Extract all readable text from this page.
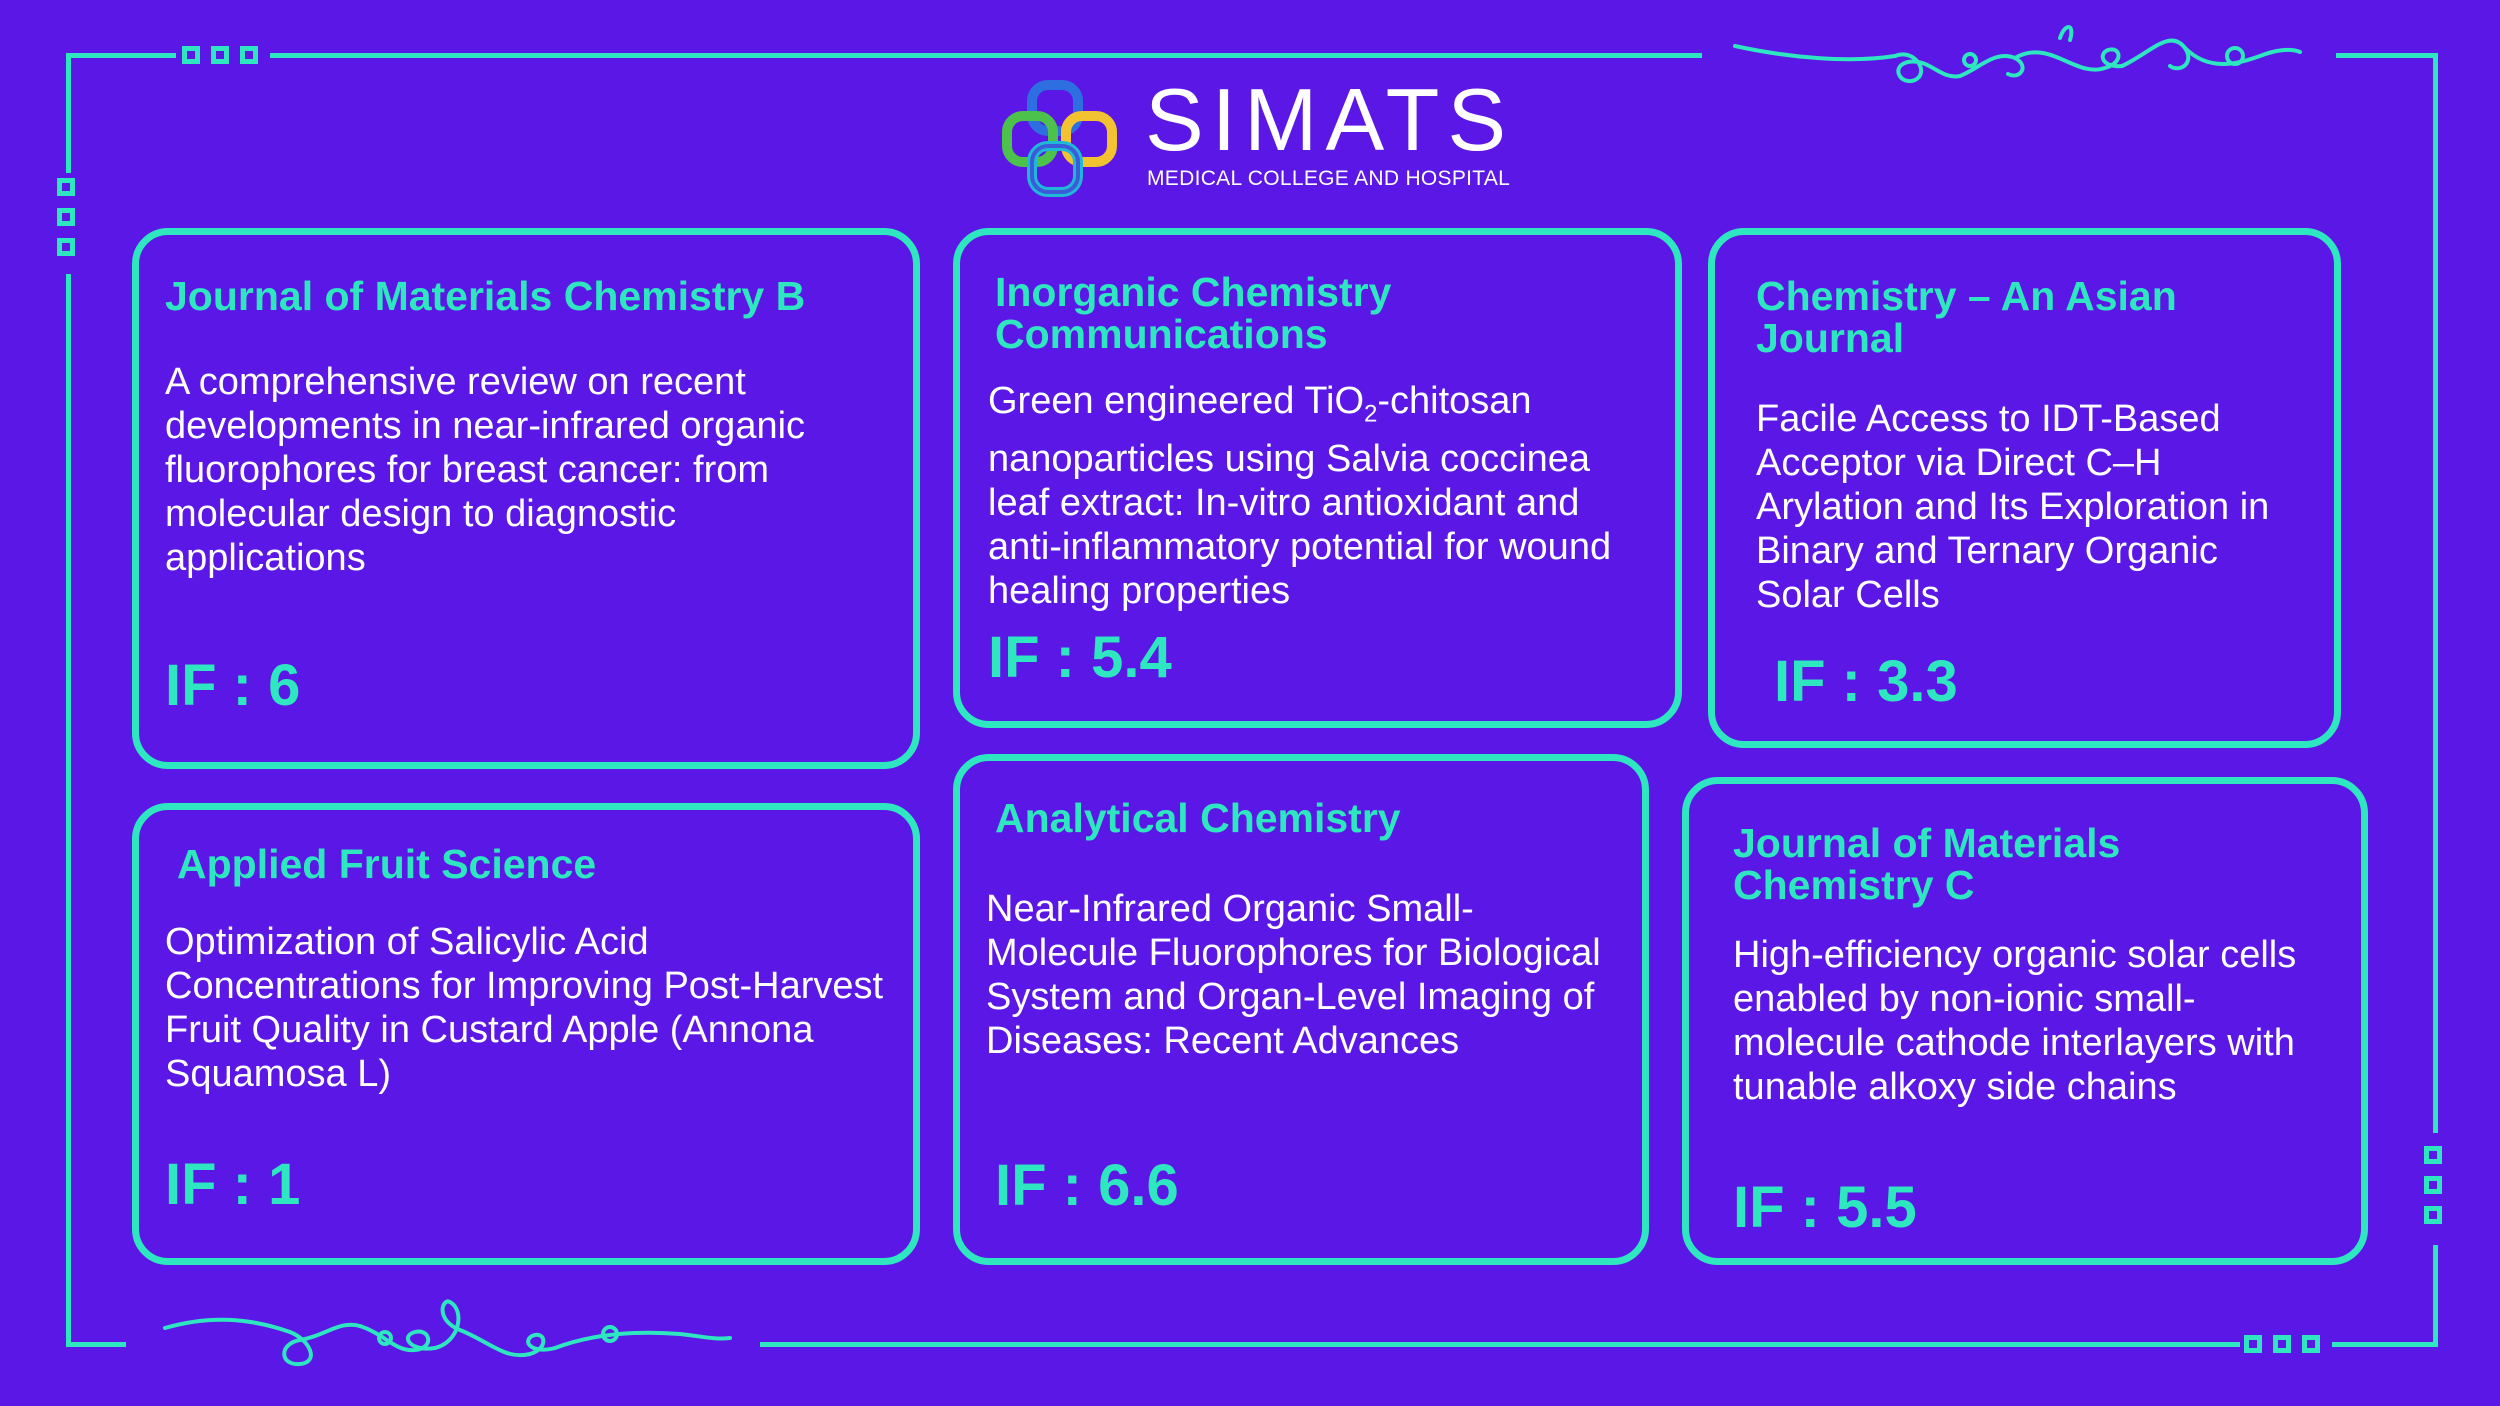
SIMATS
MEDICAL COLLEGE AND HOSPITAL
Journal of Materials Chemistry B
A comprehensive review on recent developments in near-infrared organic fluorophores for breast cancer: from molecular design to diagnostic applications
IF : 6
Inorganic Chemistry Communications
Green engineered TiO$_2$-chitosan nanoparticles using Salvia coccinea leaf extract: In-vitro antioxidant and anti-inflammatory potential for wound healing properties
IF : 5.4
Chemistry – An Asian Journal
Facile Access to IDT-Based Acceptor via Direct C–H Arylation and Its Exploration in Binary and Ternary Organic Solar Cells
IF : 3.3
Applied Fruit Science
Optimization of Salicylic Acid Concentrations for Improving Post-Harvest Fruit Quality in Custard Apple (Annona Squamosa L)
IF : 1
Analytical Chemistry
Near-Infrared Organic Small-Molecule Fluorophores for Biological System and Organ-Level Imaging of Diseases: Recent Advances
IF : 6.6
Journal of Materials Chemistry C
High-efficiency organic solar cells enabled by non-ionic small-molecule cathode interlayers with tunable alkoxy side chains
IF : 5.5
